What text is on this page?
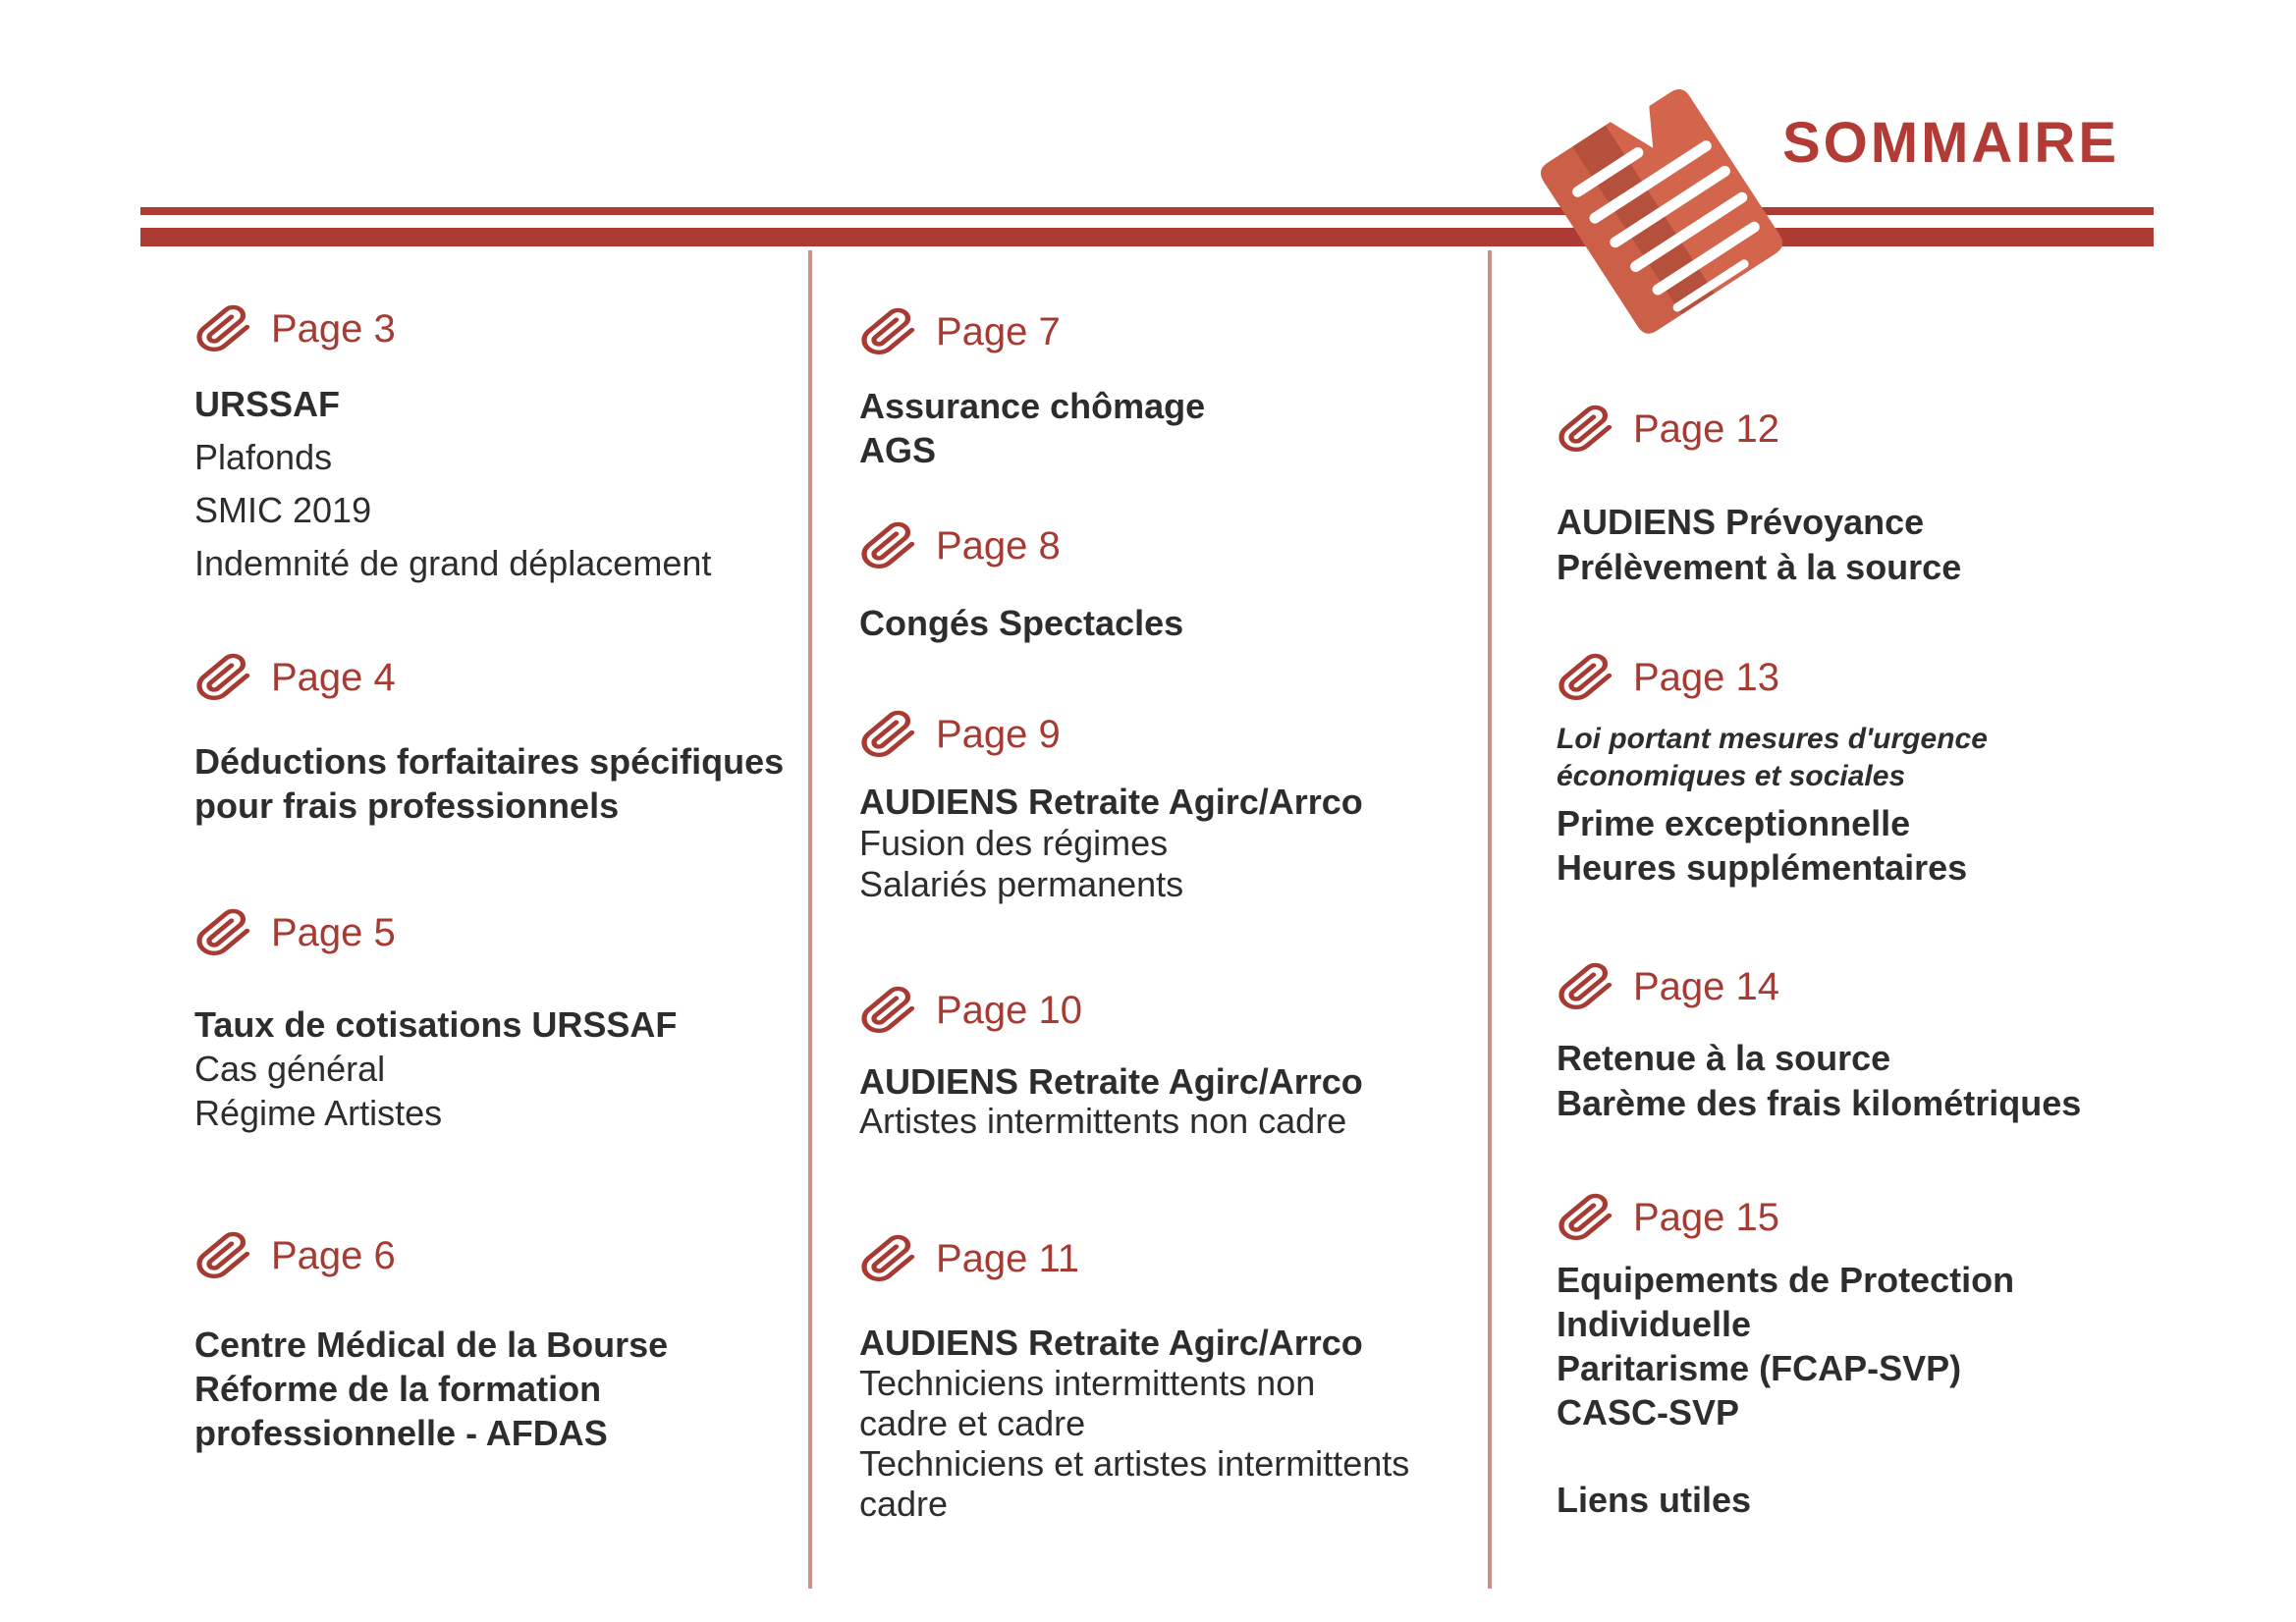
SOMMAIRE
Page 3
URSSAF
Plafonds
SMIC 2019
Indemnité de grand déplacement
Page 4
Déductions forfaitaires spécifiques
pour frais professionnels
Page 5
Taux de cotisations URSSAF
Cas général
Régime Artistes
Page 6
Centre Médical de la Bourse
Réforme de la formation
professionnelle - AFDAS
Page 7
Assurance chômage
AGS
Page 8
Congés Spectacles
Page 9
AUDIENS Retraite Agirc/Arrco
Fusion des régimes
Salariés permanents
Page 10
AUDIENS Retraite Agirc/Arrco
Artistes intermittents non cadre
Page 11
AUDIENS Retraite Agirc/Arrco
Techniciens intermittents non
cadre et cadre
Techniciens et artistes intermittents
cadre
Page 12
AUDIENS Prévoyance
Prélèvement à la source
Page 13
Loi portant mesures d'urgence
économiques et sociales
Prime exceptionnelle
Heures supplémentaires
Page 14
Retenue à la source
Barème des frais kilométriques
Page 15
Equipements de Protection
Individuelle
Paritarisme (FCAP-SVP)
CASC-SVP
Liens utiles
